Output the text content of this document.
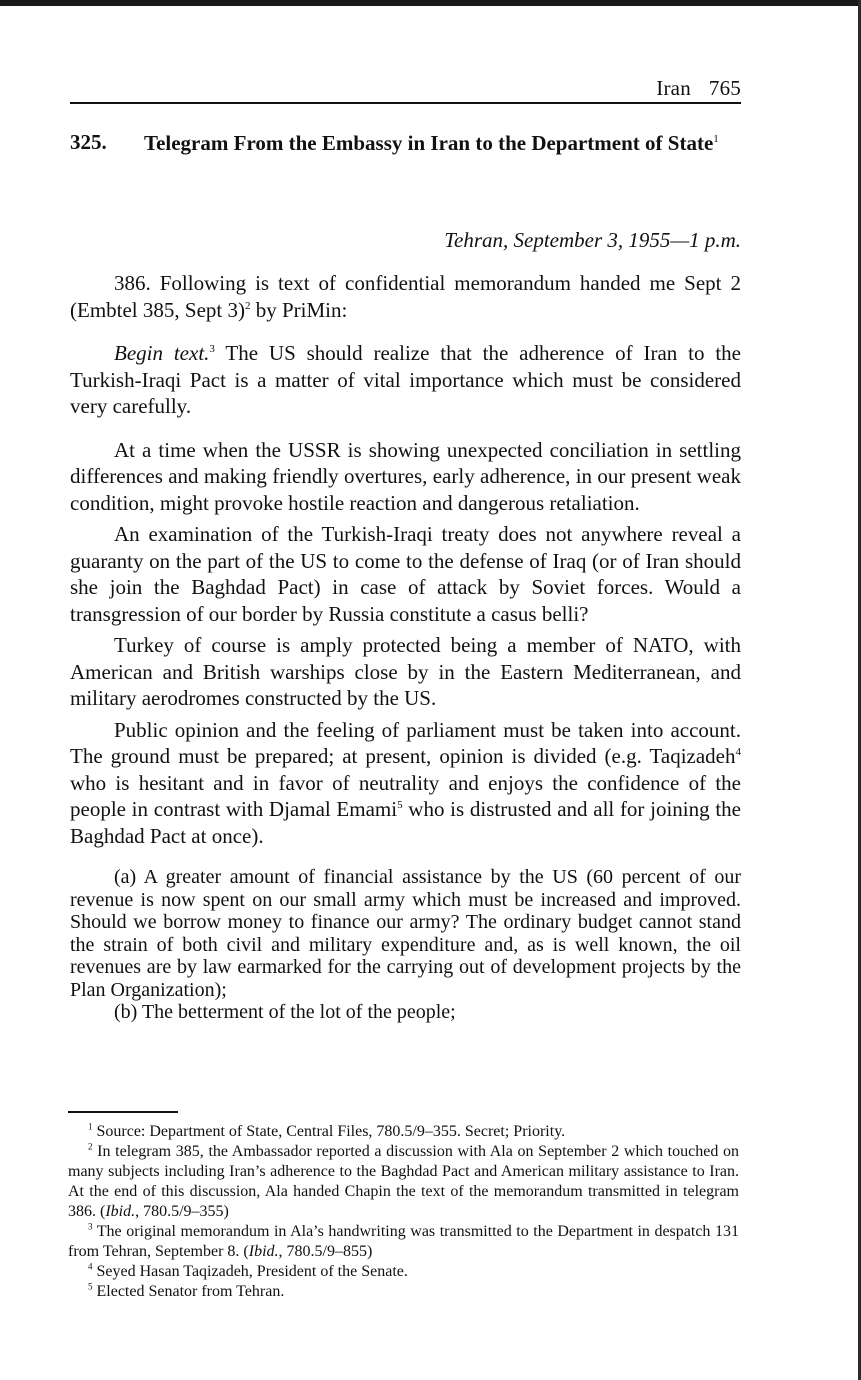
Iran 765
325. Telegram From the Embassy in Iran to the Department of State$^1$
Tehran, September 3, 1955—1 p.m.

386. Following is text of confidential memorandum handed me Sept 2 (Embtel 385, Sept 3)$^2$ by PriMin:

Begin text.$^3$ The US should realize that the adherence of Iran to the Turkish-Iraqi Pact is a matter of vital importance which must be considered very carefully.

At a time when the USSR is showing unexpected conciliation in settling differences and making friendly overtures, early adherence, in our present weak condition, might provoke hostile reaction and dangerous retaliation.

An examination of the Turkish-Iraqi treaty does not anywhere reveal a guaranty on the part of the US to come to the defense of Iraq (or of Iran should she join the Baghdad Pact) in case of attack by Soviet forces. Would a transgression of our border by Russia constitute a casus belli?

Turkey of course is amply protected being a member of NATO, with American and British warships close by in the Eastern Mediterranean, and military aerodromes constructed by the US.

Public opinion and the feeling of parliament must be taken into account. The ground must be prepared; at present, opinion is divided (e.g. Taqizadeh$^4$ who is hesitant and in favor of neutrality and enjoys the confidence of the people in contrast with Djamal Emami$^5$ who is distrusted and all for joining the Baghdad Pact at once).

(a) A greater amount of financial assistance by the US (60 percent of our revenue is now spent on our small army which must be increased and improved. Should we borrow money to finance our army? The ordinary budget cannot stand the strain of both civil and military expenditure and, as is well known, the oil revenues are by law earmarked for the carrying out of development projects by the Plan Organization);

(b) The betterment of the lot of the people;

$^1$ Source: Department of State, Central Files, 780.5/9–355. Secret; Priority.

$^2$ In telegram 385, the Ambassador reported a discussion with Ala on September 2 which touched on many subjects including Iran’s adherence to the Baghdad Pact and American military assistance to Iran. At the end of this discussion, Ala handed Chapin the text of the memorandum transmitted in telegram 386. (Ibid., 780.5/9–355)

$^3$ The original memorandum in Ala’s handwriting was transmitted to the Department in despatch 131 from Tehran, September 8. (Ibid., 780.5/9–855)

$^4$ Seyed Hasan Taqizadeh, President of the Senate.

$^5$ Elected Senator from Tehran.
